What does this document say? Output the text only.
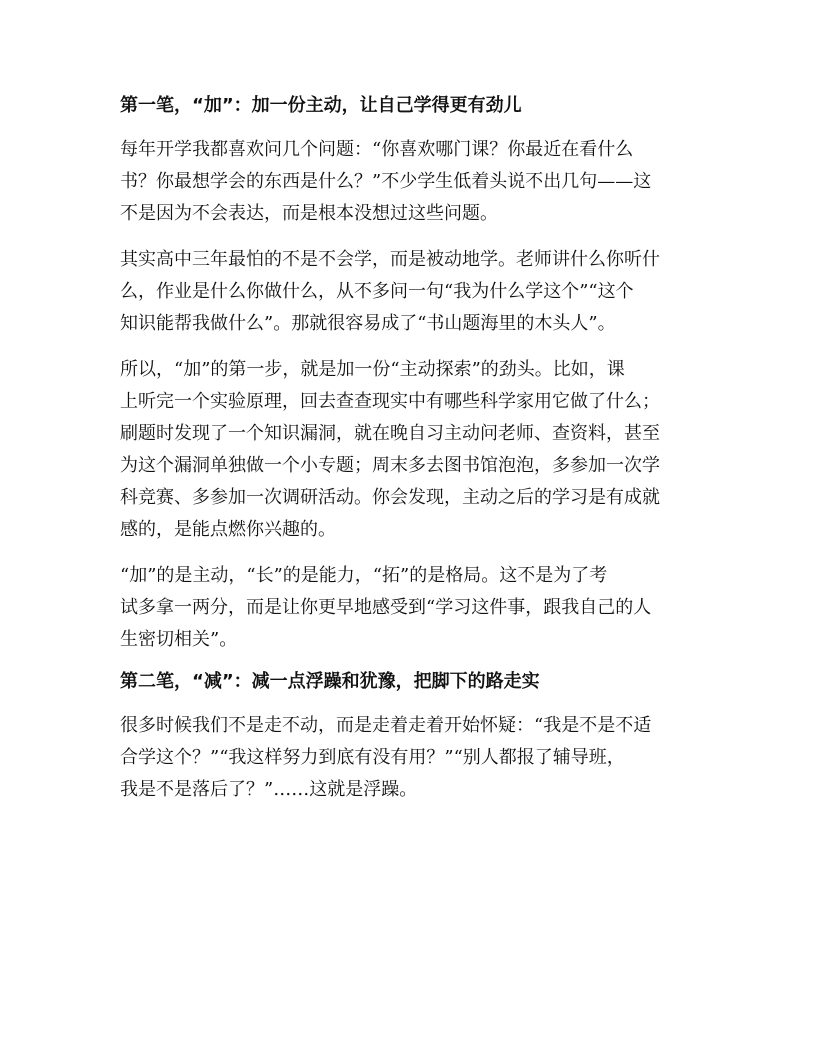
第一笔，“加”：加一份主动，让自己学得更有劲儿
每年开学我都喜欢问几个问题：“你喜欢哪门课？你最近在看什么
书？你最想学会的东西是什么？”不少学生低着头说不出几句——这
不是因为不会表达，而是根本没想过这些问题。
其实高中三年最怕的不是不会学，而是被动地学。老师讲什么你听什
么，作业是什么你做什么，从不多问一句“我为什么学这个”“这个
知识能帮我做什么”。那就很容易成了“书山题海里的木头人”。
所以，“加”的第一步，就是加一份“主动探索”的劲头。比如，课
上听完一个实验原理，回去查查现实中有哪些科学家用它做了什么；
刷题时发现了一个知识漏洞，就在晚自习主动问老师、查资料，甚至
为这个漏洞单独做一个小专题；周末多去图书馆泡泡，多参加一次学
科竞赛、多参加一次调研活动。你会发现，主动之后的学习是有成就
感的，是能点燃你兴趣的。
“加”的是主动，“长”的是能力，“拓”的是格局。这不是为了考
试多拿一两分，而是让你更早地感受到“学习这件事，跟我自己的人
生密切相关”。
第二笔，“减”：减一点浮躁和犹豫，把脚下的路走实
很多时候我们不是走不动，而是走着走着开始怀疑：“我是不是不适
合学这个？”“我这样努力到底有没有用？”“别人都报了辅导班，
我是不是落后了？”……这就是浮躁。
